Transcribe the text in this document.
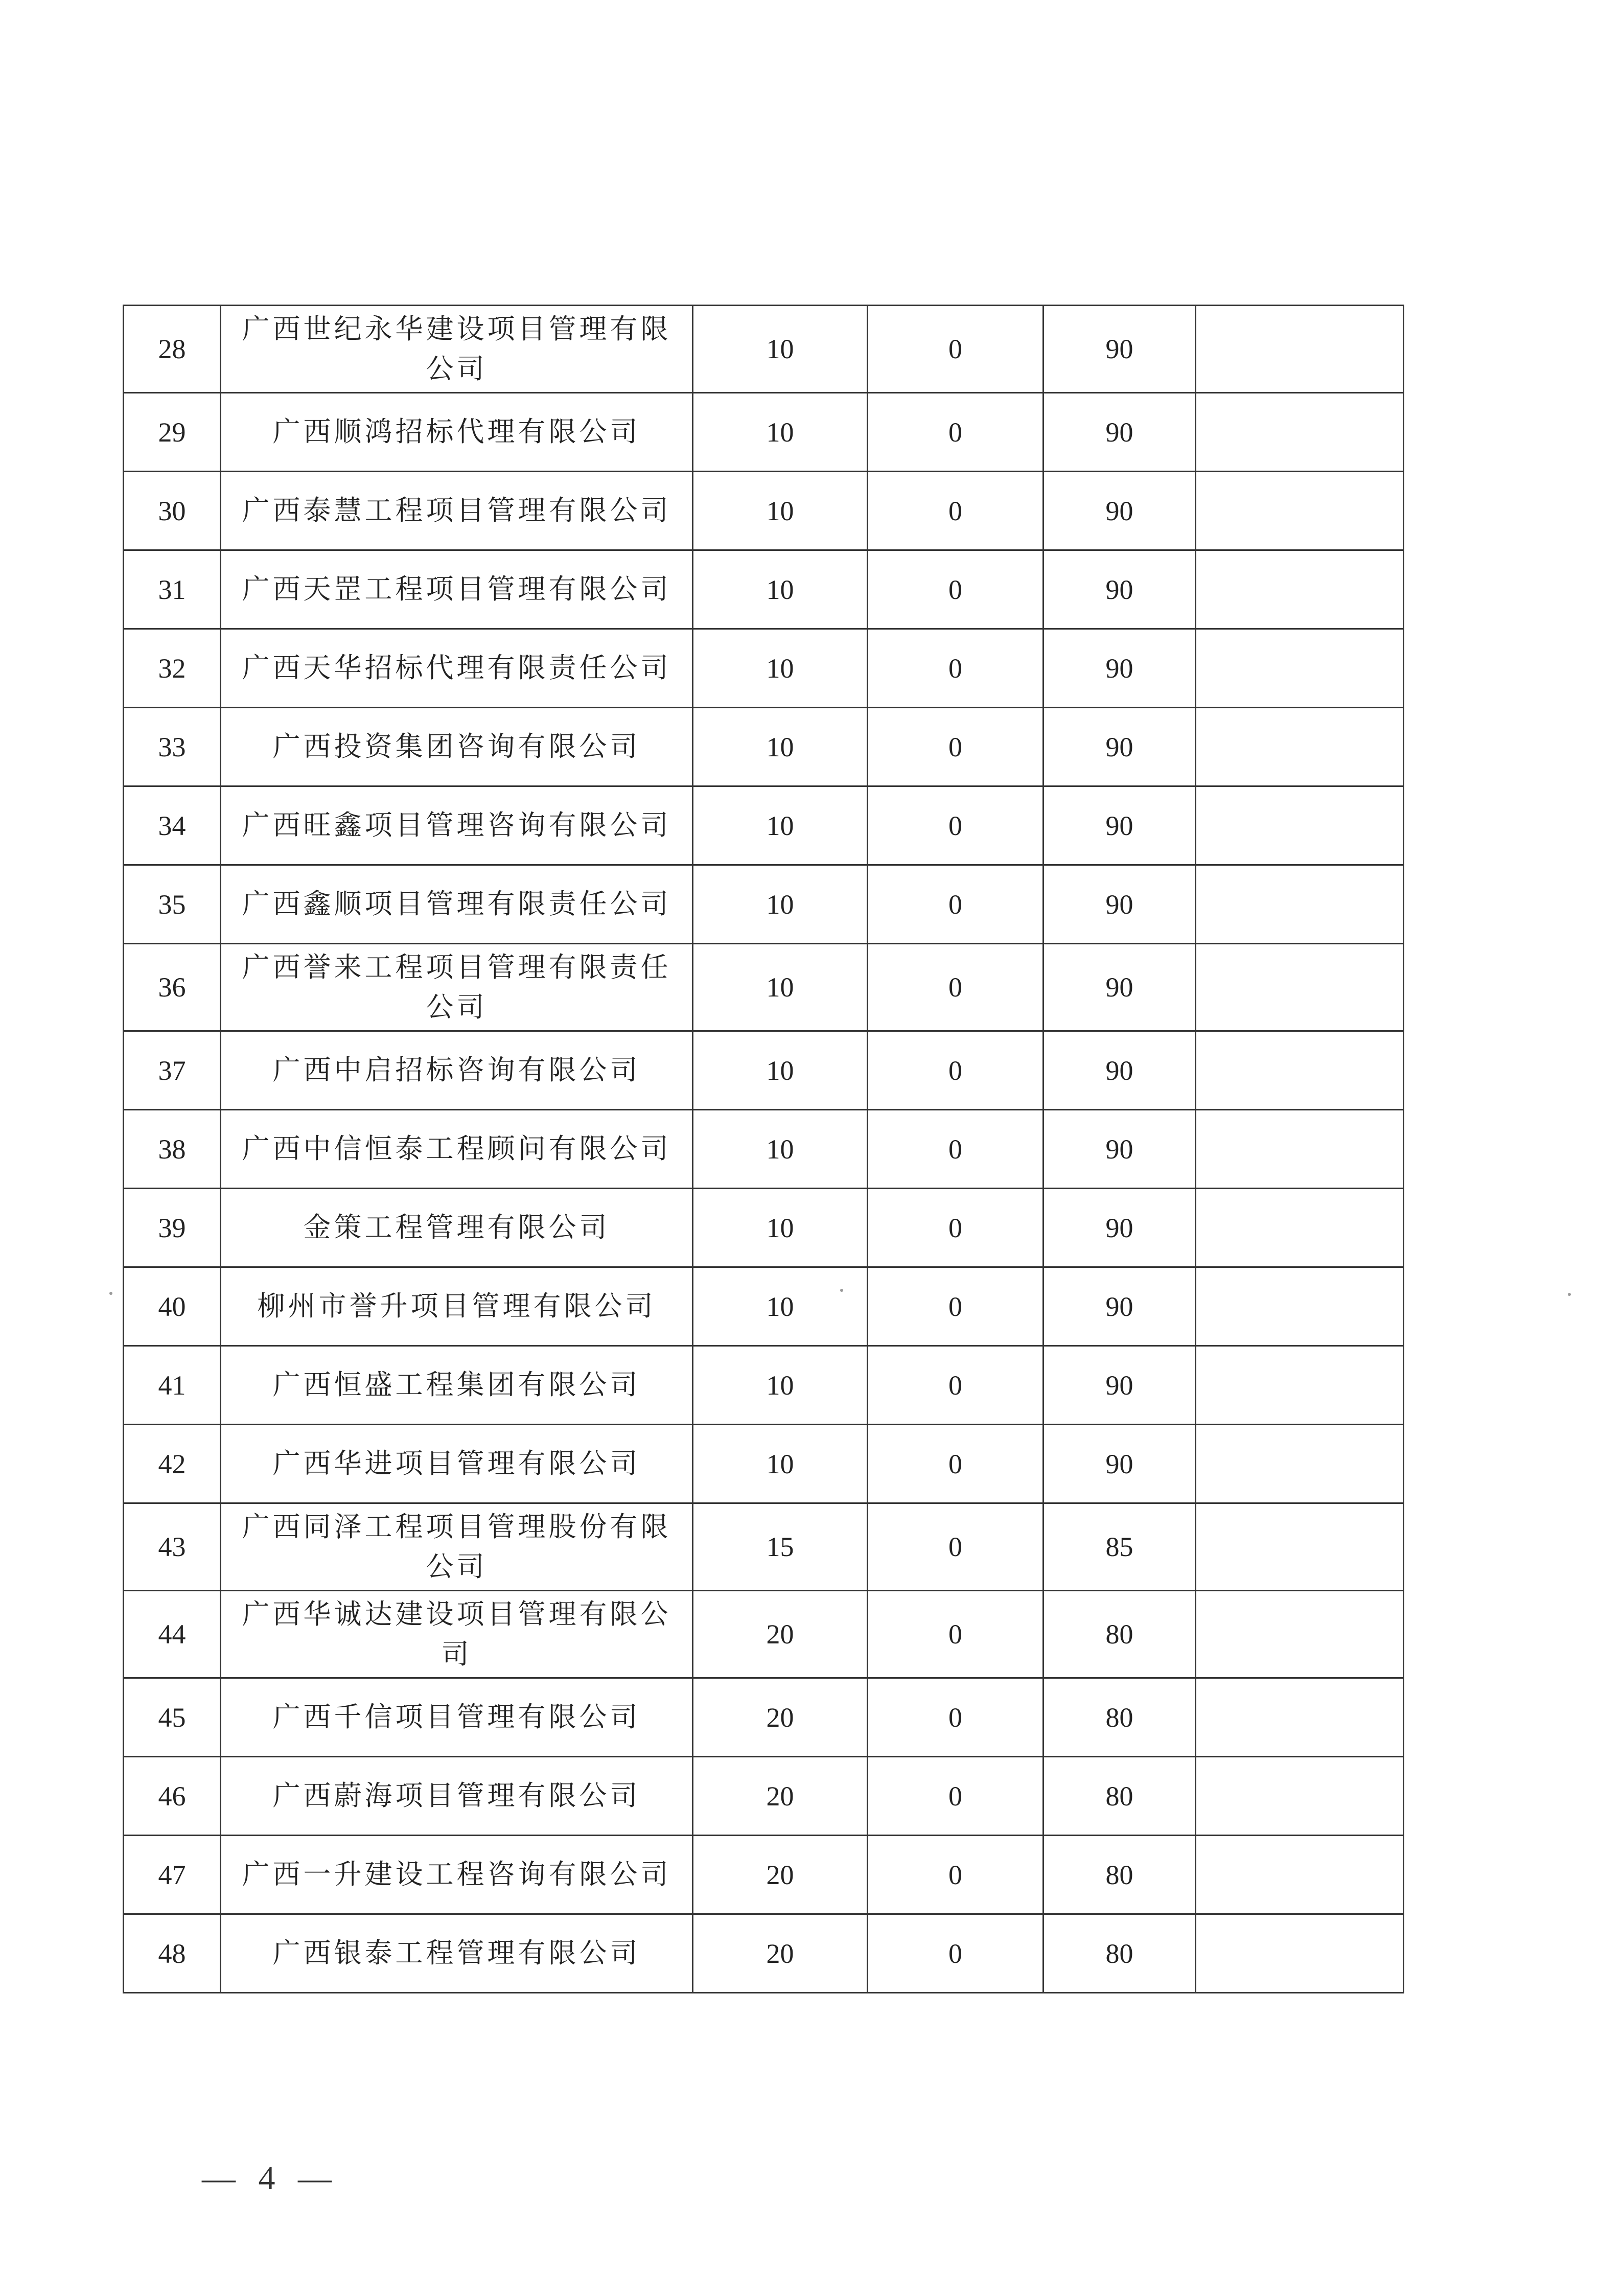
28	广西世纪永华建设项目管理有限公司	10	0	90	
29	广西顺鸿招标代理有限公司	10	0	90	
30	广西泰慧工程项目管理有限公司	10	0	90	
31	广西天罡工程项目管理有限公司	10	0	90	
32	广西天华招标代理有限责任公司	10	0	90	
33	广西投资集团咨询有限公司	10	0	90	
34	广西旺鑫项目管理咨询有限公司	10	0	90	
35	广西鑫顺项目管理有限责任公司	10	0	90	
36	广西誉来工程项目管理有限责任公司	10	0	90	
37	广西中启招标咨询有限公司	10	0	90	
38	广西中信恒泰工程顾问有限公司	10	0	90	
39	金策工程管理有限公司	10	0	90	
40	柳州市誉升项目管理有限公司	10	0	90	
41	广西恒盛工程集团有限公司	10	0	90	
42	广西华进项目管理有限公司	10	0	90	
43	广西同泽工程项目管理股份有限公司	15	0	85	
44	广西华诚达建设项目管理有限公司	20	0	80	
45	广西千信项目管理有限公司	20	0	80	
46	广西蔚海项目管理有限公司	20	0	80	
47	广西一升建设工程咨询有限公司	20	0	80	
48	广西银泰工程管理有限公司	20	0	80	
— 4 —
